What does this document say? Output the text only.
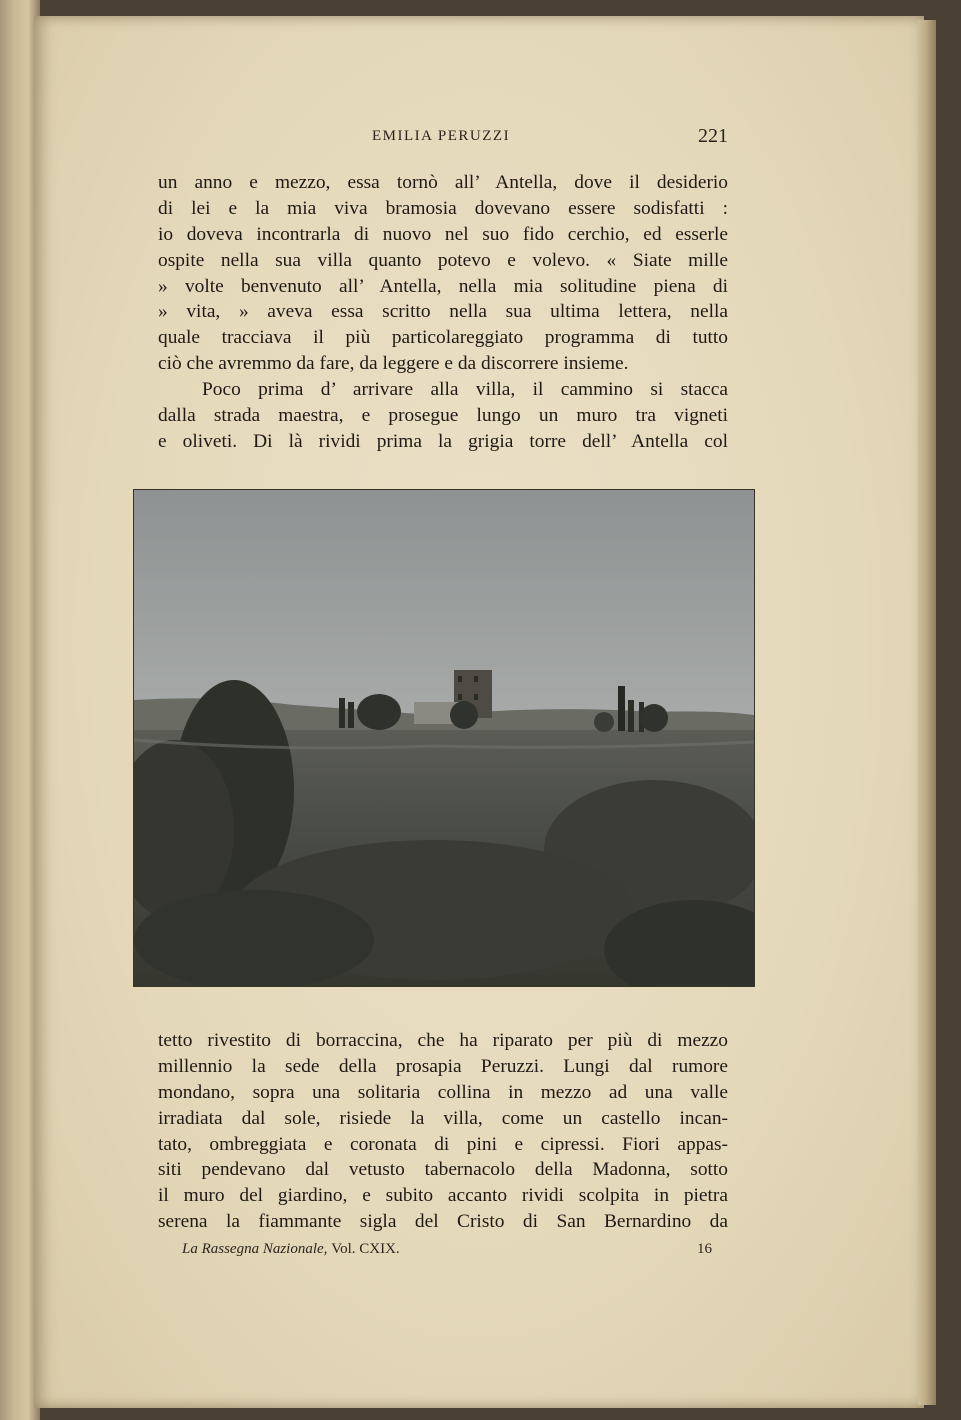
EMILIA PERUZZI	221
un anno e mezzo, essa tornò all’ Antella, dove il desiderio
di lei e la mia viva bramosia dovevano essere sodisfatti :
io doveva incontrarla di nuovo nel suo fido cerchio, ed esserle
ospite nella sua villa quanto potevo e volevo. « Siate mille
» volte benvenuto all’ Antella, nella mia solitudine piena di
» vita, » aveva essa scritto nella sua ultima lettera, nella
quale tracciava il più particolareggiato programma di tutto
ciò che avremmo da fare, da leggere e da discorrere insieme.
Poco prima d’ arrivare alla villa, il cammino si stacca
dalla strada maestra, e prosegue lungo un muro tra vigneti
e oliveti. Di là rividi prima la grigia torre dell’ Antella col
tetto rivestito di borraccina, che ha riparato per più di mezzo
millennio la sede della prosapia Peruzzi. Lungi dal rumore
mondano, sopra una solitaria collina in mezzo ad una valle
irradiata dal sole, risiede la villa, come un castello incan-
tato, ombreggiata e coronata di pini e cipressi. Fiori appas-
siti pendevano dal vetusto tabernacolo della Madonna, sotto
il muro del giardino, e subito accanto rividi scolpita in pietra
serena la fiammante sigla del Cristo di San Bernardino da
La Rassegna Nazionale, Vol. CXIX.	16
